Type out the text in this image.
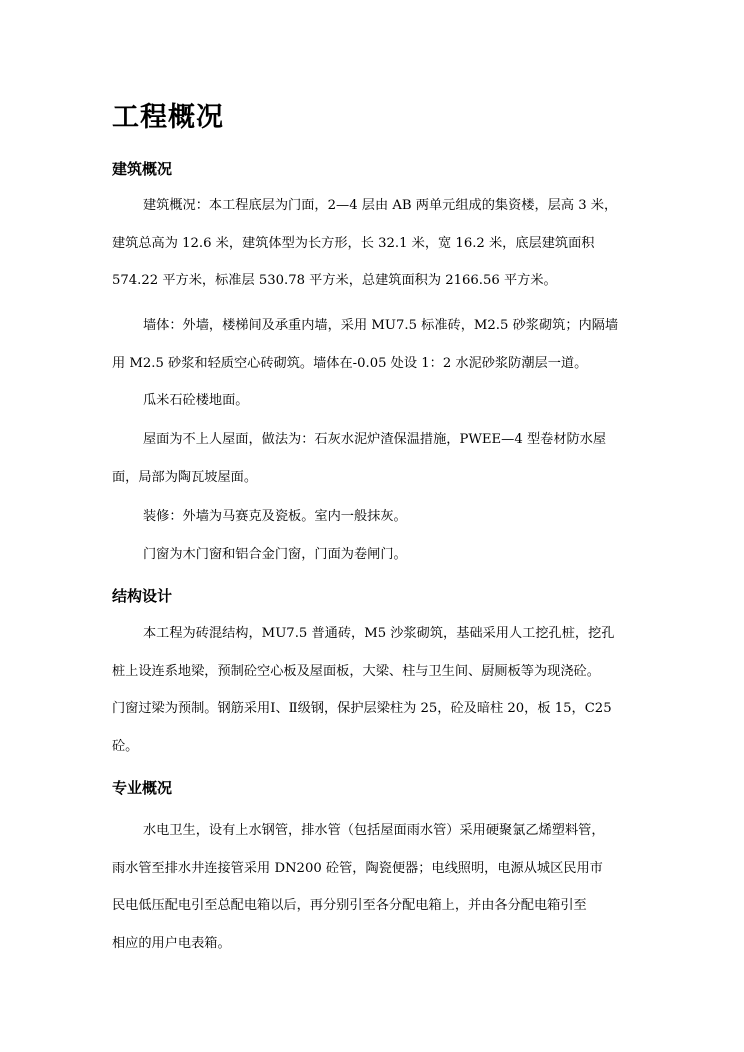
工程概况
建筑概况
建筑概况：本工程底层为门面，2—4 层由 AB 两单元组成的集资楼，层高 3 米，
建筑总高为 12.6 米，建筑体型为长方形，长 32.1 米，宽 16.2 米，底层建筑面积
574.22 平方米，标准层 530.78 平方米，总建筑面积为 2166.56 平方米。
墙体：外墙，楼梯间及承重内墙，采用 MU7.5 标准砖，M2.5 砂浆砌筑；内隔墙
用 M2.5 砂浆和轻质空心砖砌筑。墙体在-0.05 处设 1：2 水泥砂浆防潮层一道。
瓜米石砼楼地面。
屋面为不上人屋面，做法为：石灰水泥炉渣保温措施，PWEE—4 型卷材防水屋
面，局部为陶瓦坡屋面。
装修：外墙为马赛克及瓷板。室内一般抹灰。
门窗为木门窗和铝合金门窗，门面为卷闸门。
结构设计
本工程为砖混结构，MU7.5 普通砖，M5 沙浆砌筑，基础采用人工挖孔桩，挖孔
桩上设连系地梁，预制砼空心板及屋面板，大梁、柱与卫生间、厨厕板等为现浇砼。
门窗过梁为预制。钢筋采用Ⅰ、Ⅱ级钢，保护层梁柱为 25，砼及暗柱 20，板 15，C25
砼。
专业概况
水电卫生，设有上水钢管，排水管（包括屋面雨水管）采用硬聚氯乙烯塑料管，
雨水管至排水井连接管采用 DN200 砼管，陶瓷便器；电线照明，电源从城区民用市
民电低压配电引至总配电箱以后，再分别引至各分配电箱上，并由各分配电箱引至
相应的用户电表箱。
